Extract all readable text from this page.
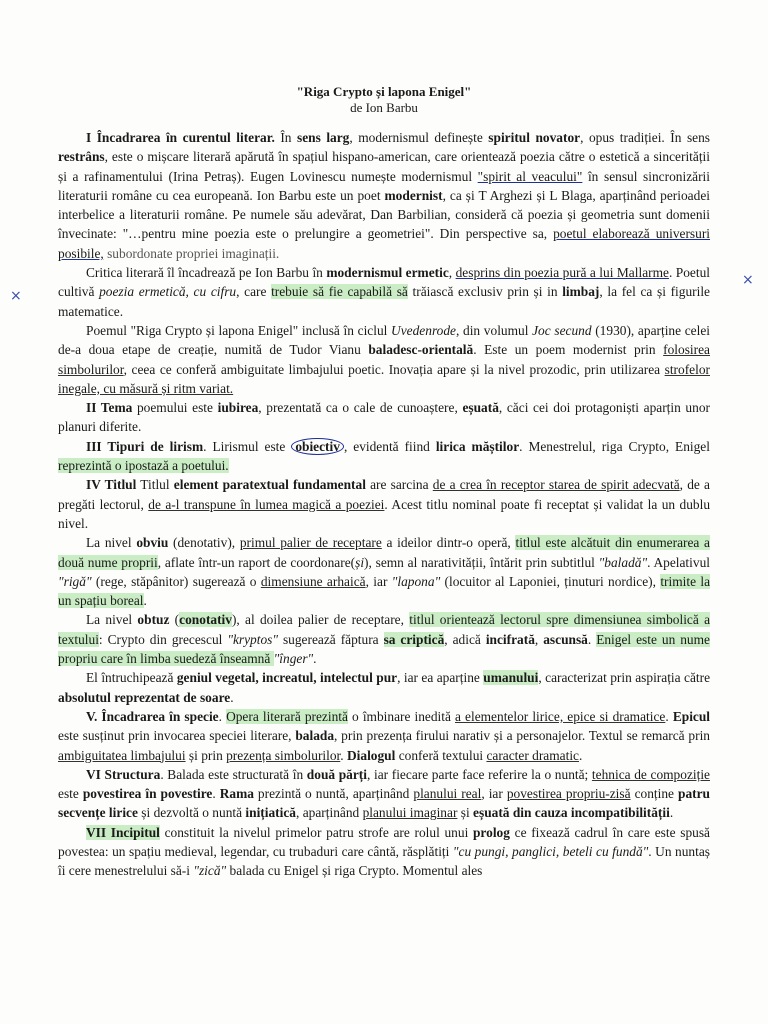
"Riga Crypto și lapona Enigel"
de Ion Barbu
×
×

I Încadrarea în curentul literar. În sens larg, modernismul definește spiritul novator, opus tradiției. În sens restrâns, este o mișcare literară apărută în spațiul hispano-american, care orientează poezia către o estetică a sincerității și a rafinamentului (Irina Petraș). Eugen Lovinescu numește modernismul "spirit al veacului" în sensul sincronizării literaturii române cu cea europeană. Ion Barbu este un poet modernist, ca și T Arghezi și L Blaga, aparținând perioadei interbelice a literaturii române. Pe numele său adevărat, Dan Barbilian, consideră că poezia și geometria sunt domenii învecinate: "…pentru mine poezia este o prelungire a geometriei". Din perspective sa, poetul elaborează universuri posibile, subordonate propriei imaginații.

Critica literară îl încadrează pe Ion Barbu în modernismul ermetic, desprins din poezia pură a lui Mallarme. Poetul cultivă poezia ermetică, cu cifru, care trebuie să fie capabilă să trăiască exclusiv prin și in limbaj, la fel ca și figurile matematice.

Poemul "Riga Crypto și lapona Enigel" inclusă în ciclul Uvedenrode, din volumul Joc secund (1930), aparține celei de-a doua etape de creație, numită de Tudor Vianu baladesc-orientală. Este un poem modernist prin folosirea simbolurilor, ceea ce conferă ambiguitate limbajului poetic. Inovația apare și la nivel prozodic, prin utilizarea strofelor inegale, cu măsură și ritm variat.

II Tema poemului este iubirea, prezentată ca o cale de cunoaștere, eșuată, căci cei doi protagoniști aparțin unor planuri diferite.

III Tipuri de lirism. Lirismul este obiectiv , evidentă fiind lirica măștilor. Menestrelul, riga Crypto, Enigel reprezintă o ipostază a poetului.

IV Titlul Titlul element paratextual fundamental are sarcina de a crea în receptor starea de spirit adecvată, de a pregăti lectorul, de a-l transpune în lumea magică a poeziei. Acest titlu nominal poate fi receptat și validat la un dublu nivel.

La nivel obviu (denotativ), primul palier de receptare a ideilor dintr-o operă, titlul este alcătuit din enumerarea a două nume proprii, aflate într-un raport de coordonare(și), semn al narativității, întărit prin subtitlul "baladă". Apelativul "rigă" (rege, stăpânitor) sugerează o dimensiune arhaică, iar "lapona" (locuitor al Laponiei, ținuturi nordice), trimite la un spațiu boreal.

La nivel obtuz (conotativ), al doilea palier de receptare, titlul orientează lectorul spre dimensiunea simbolică a textului: Crypto din grecescul "kryptos" sugerează făptura sa criptică, adică incifrată, ascunsă. Enigel este un nume propriu care în limba suedeză înseamnă "înger".

El întruchipează geniul vegetal, increatul, intelectul pur, iar ea aparține umanului, caracterizat prin aspirația către absolutul reprezentat de soare.

V. Încadrarea în specie. Opera literară prezintă o îmbinare inedită a elementelor lirice, epice si dramatice. Epicul este susținut prin invocarea speciei literare, balada, prin prezența firului narativ și a personajelor. Textul se remarcă prin ambiguitatea limbajului și prin prezența simbolurilor. Dialogul conferă textului caracter dramatic.

VI Structura. Balada este structurată în două părți, iar fiecare parte face referire la o nuntă; tehnica de compoziție este povestirea în povestire. Rama prezintă o nuntă, aparținând planului real, iar povestirea propriu-zisă conține patru secvențe lirice și dezvoltă o nuntă inițiatică, aparținând planului imaginar și eșuată din cauza incompatibilității.

VII Incipitul constituit la nivelul primelor patru strofe are rolul unui prolog ce fixează cadrul în care este spusă povestea: un spațiu medieval, legendar, cu trubaduri care cântă, răsplătiți "cu pungi, panglici, beteli cu fundă". Un nuntaș îi cere menestrelului să-i "zică" balada cu Enigel și riga Crypto. Momentul ales
